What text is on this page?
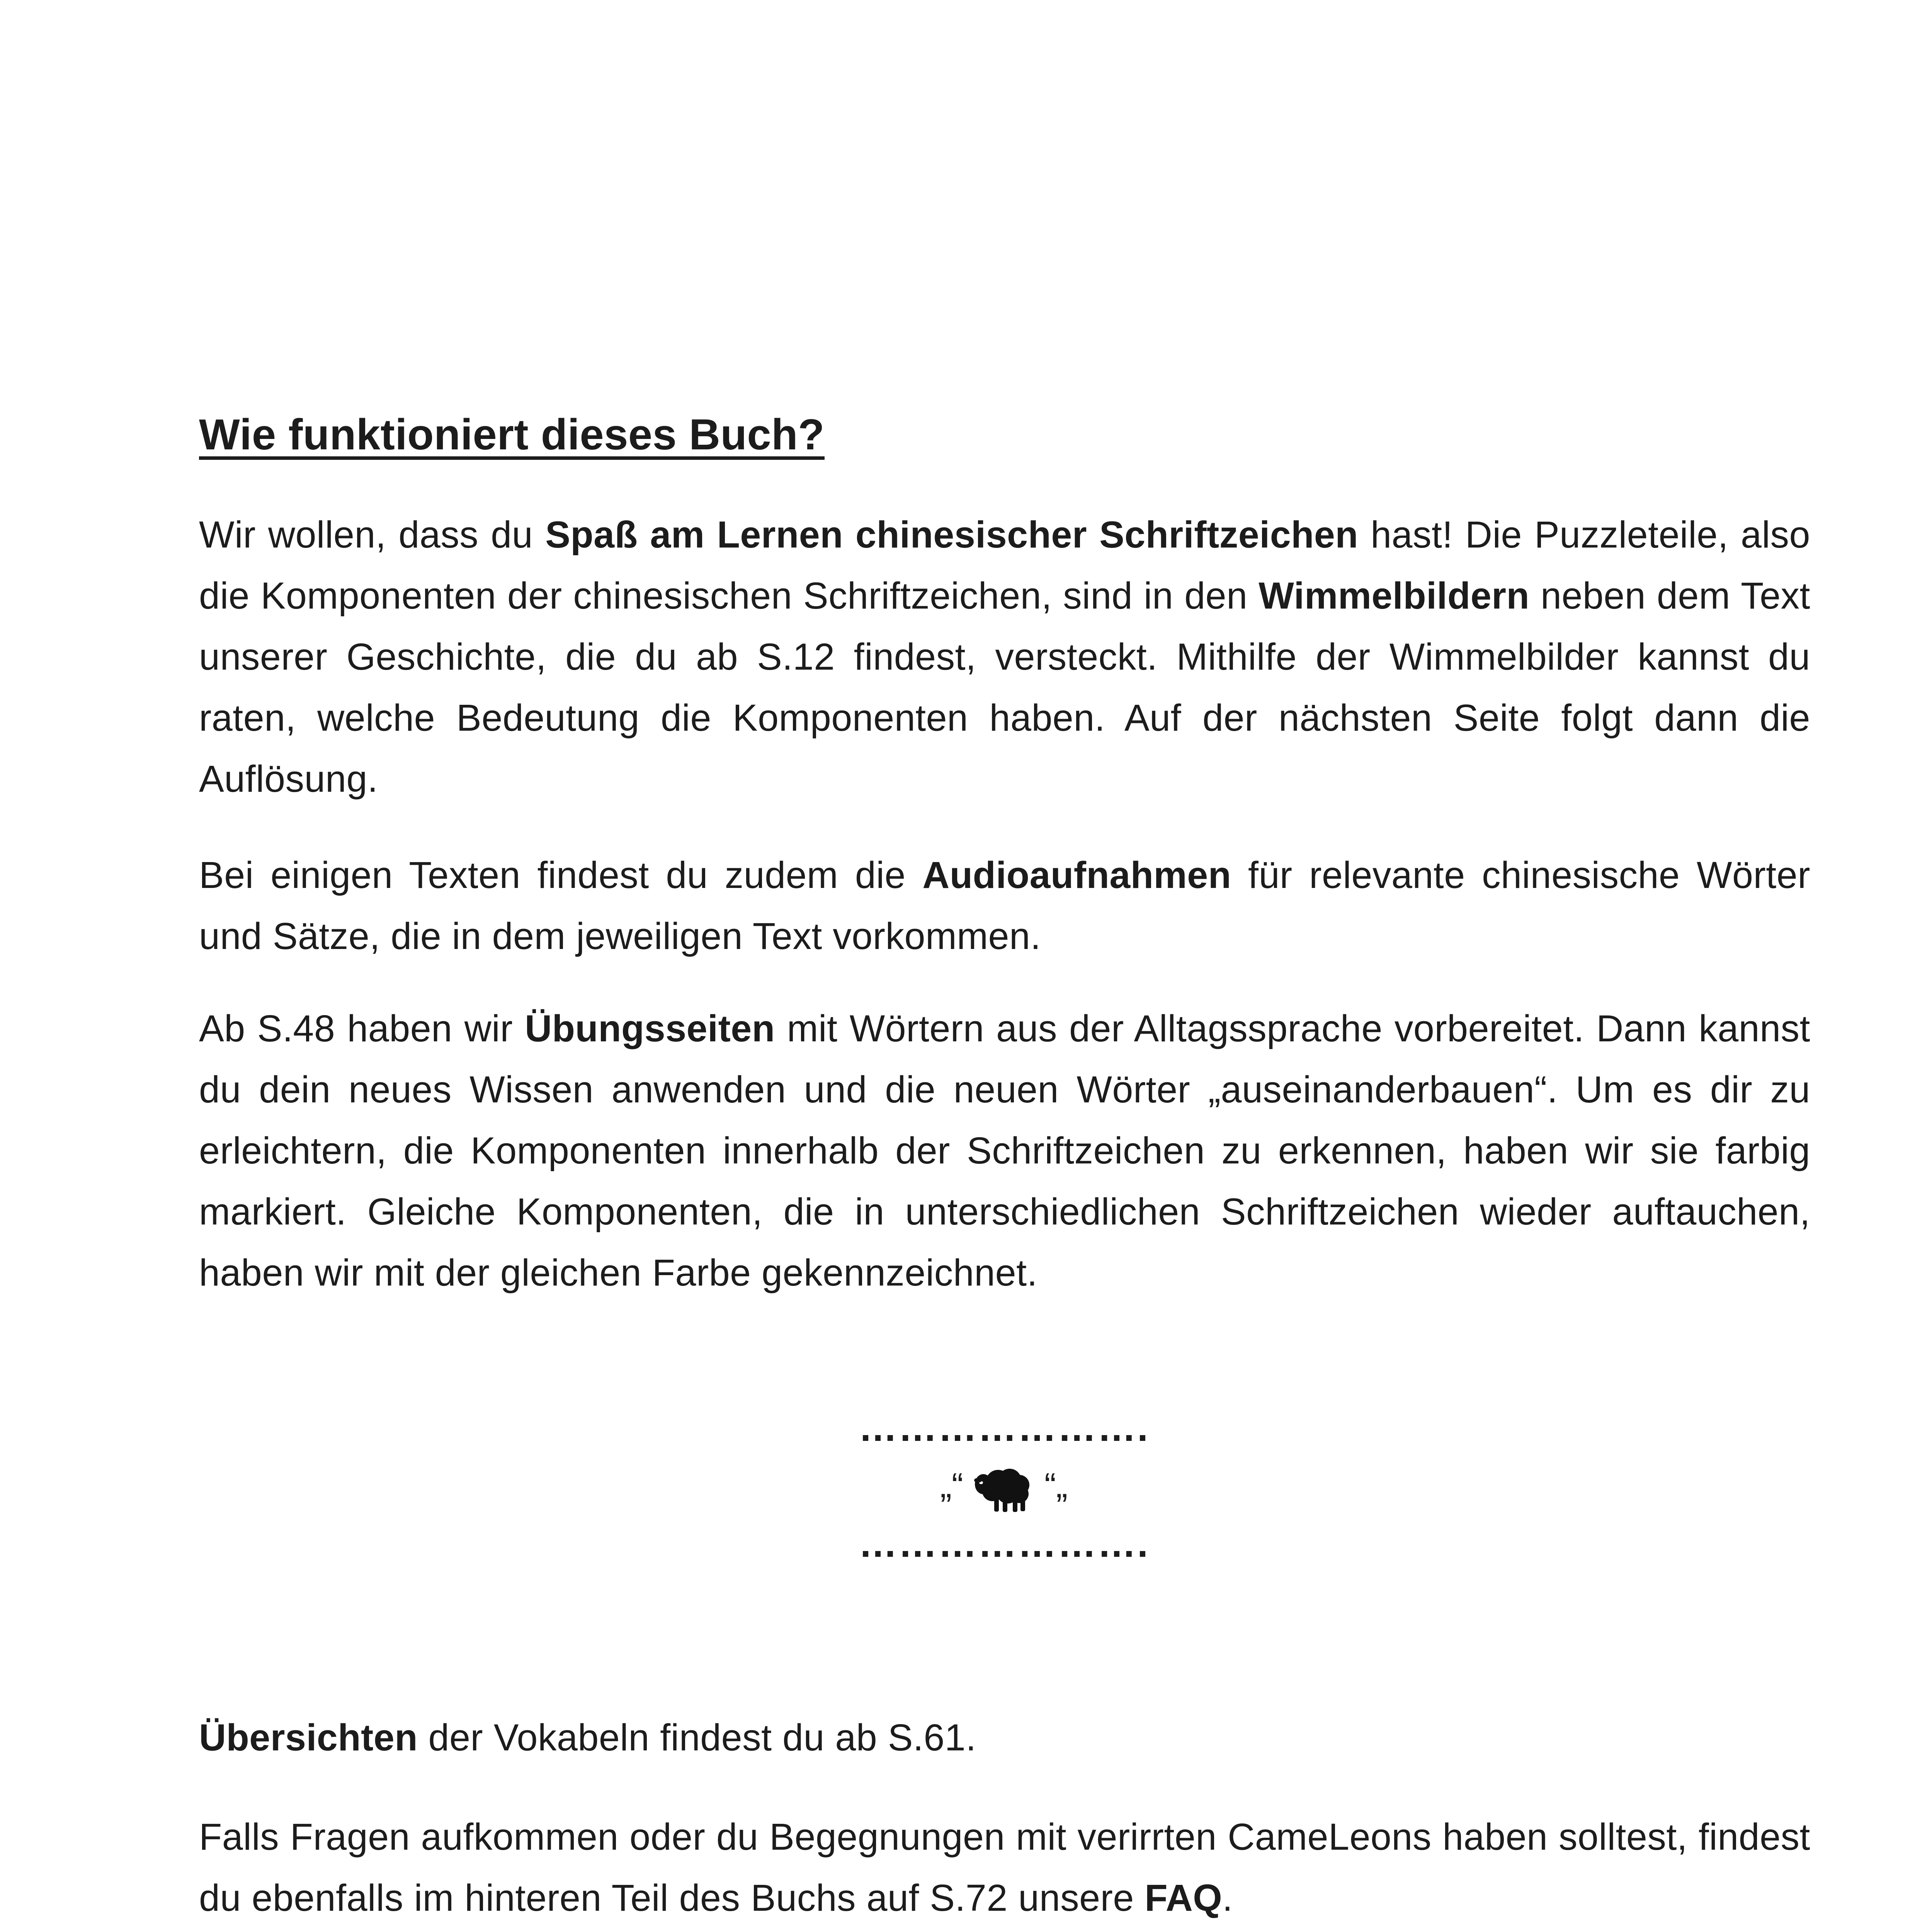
Wie funktioniert dieses Buch?

Wir wollen, dass du Spaß am Lernen chinesischer Schriftzeichen hast! Die Puzzleteile, also die Komponenten der chinesischen Schriftzeichen, sind in den Wimmelbildern neben dem Text unserer Geschichte, die du ab S.12 findest, versteckt. Mithilfe der Wimmelbilder kannst du raten, welche Bedeutung die Komponenten haben. Auf der nächsten Seite folgt dann die Auflösung.

Bei einigen Texten findest du zudem die Audioaufnahmen für relevante chinesische Wörter und Sätze, die in dem jeweiligen Text vorkommen.

Ab S.48 haben wir Übungsseiten mit Wörtern aus der Alltagssprache vorbereitet. Dann kannst du dein neues Wissen anwenden und die neuen Wörter „auseinanderbauen“. Um es dir zu erleichtern, die Komponenten innerhalb der Schriftzeichen zu erkennen, haben wir sie farbig markiert. Gleiche Komponenten, die in unterschiedlichen Schriftzeichen wieder auftauchen, haben wir mit der gleichen Farbe gekennzeichnet.

………………….
„“ “„
………………….

Übersichten der Vokabeln findest du ab S.61.

Falls Fragen aufkommen oder du Begegnungen mit verirrten CameLeons haben solltest, findest du ebenfalls im hinteren Teil des Buchs auf S.72 unsere FAQ.
